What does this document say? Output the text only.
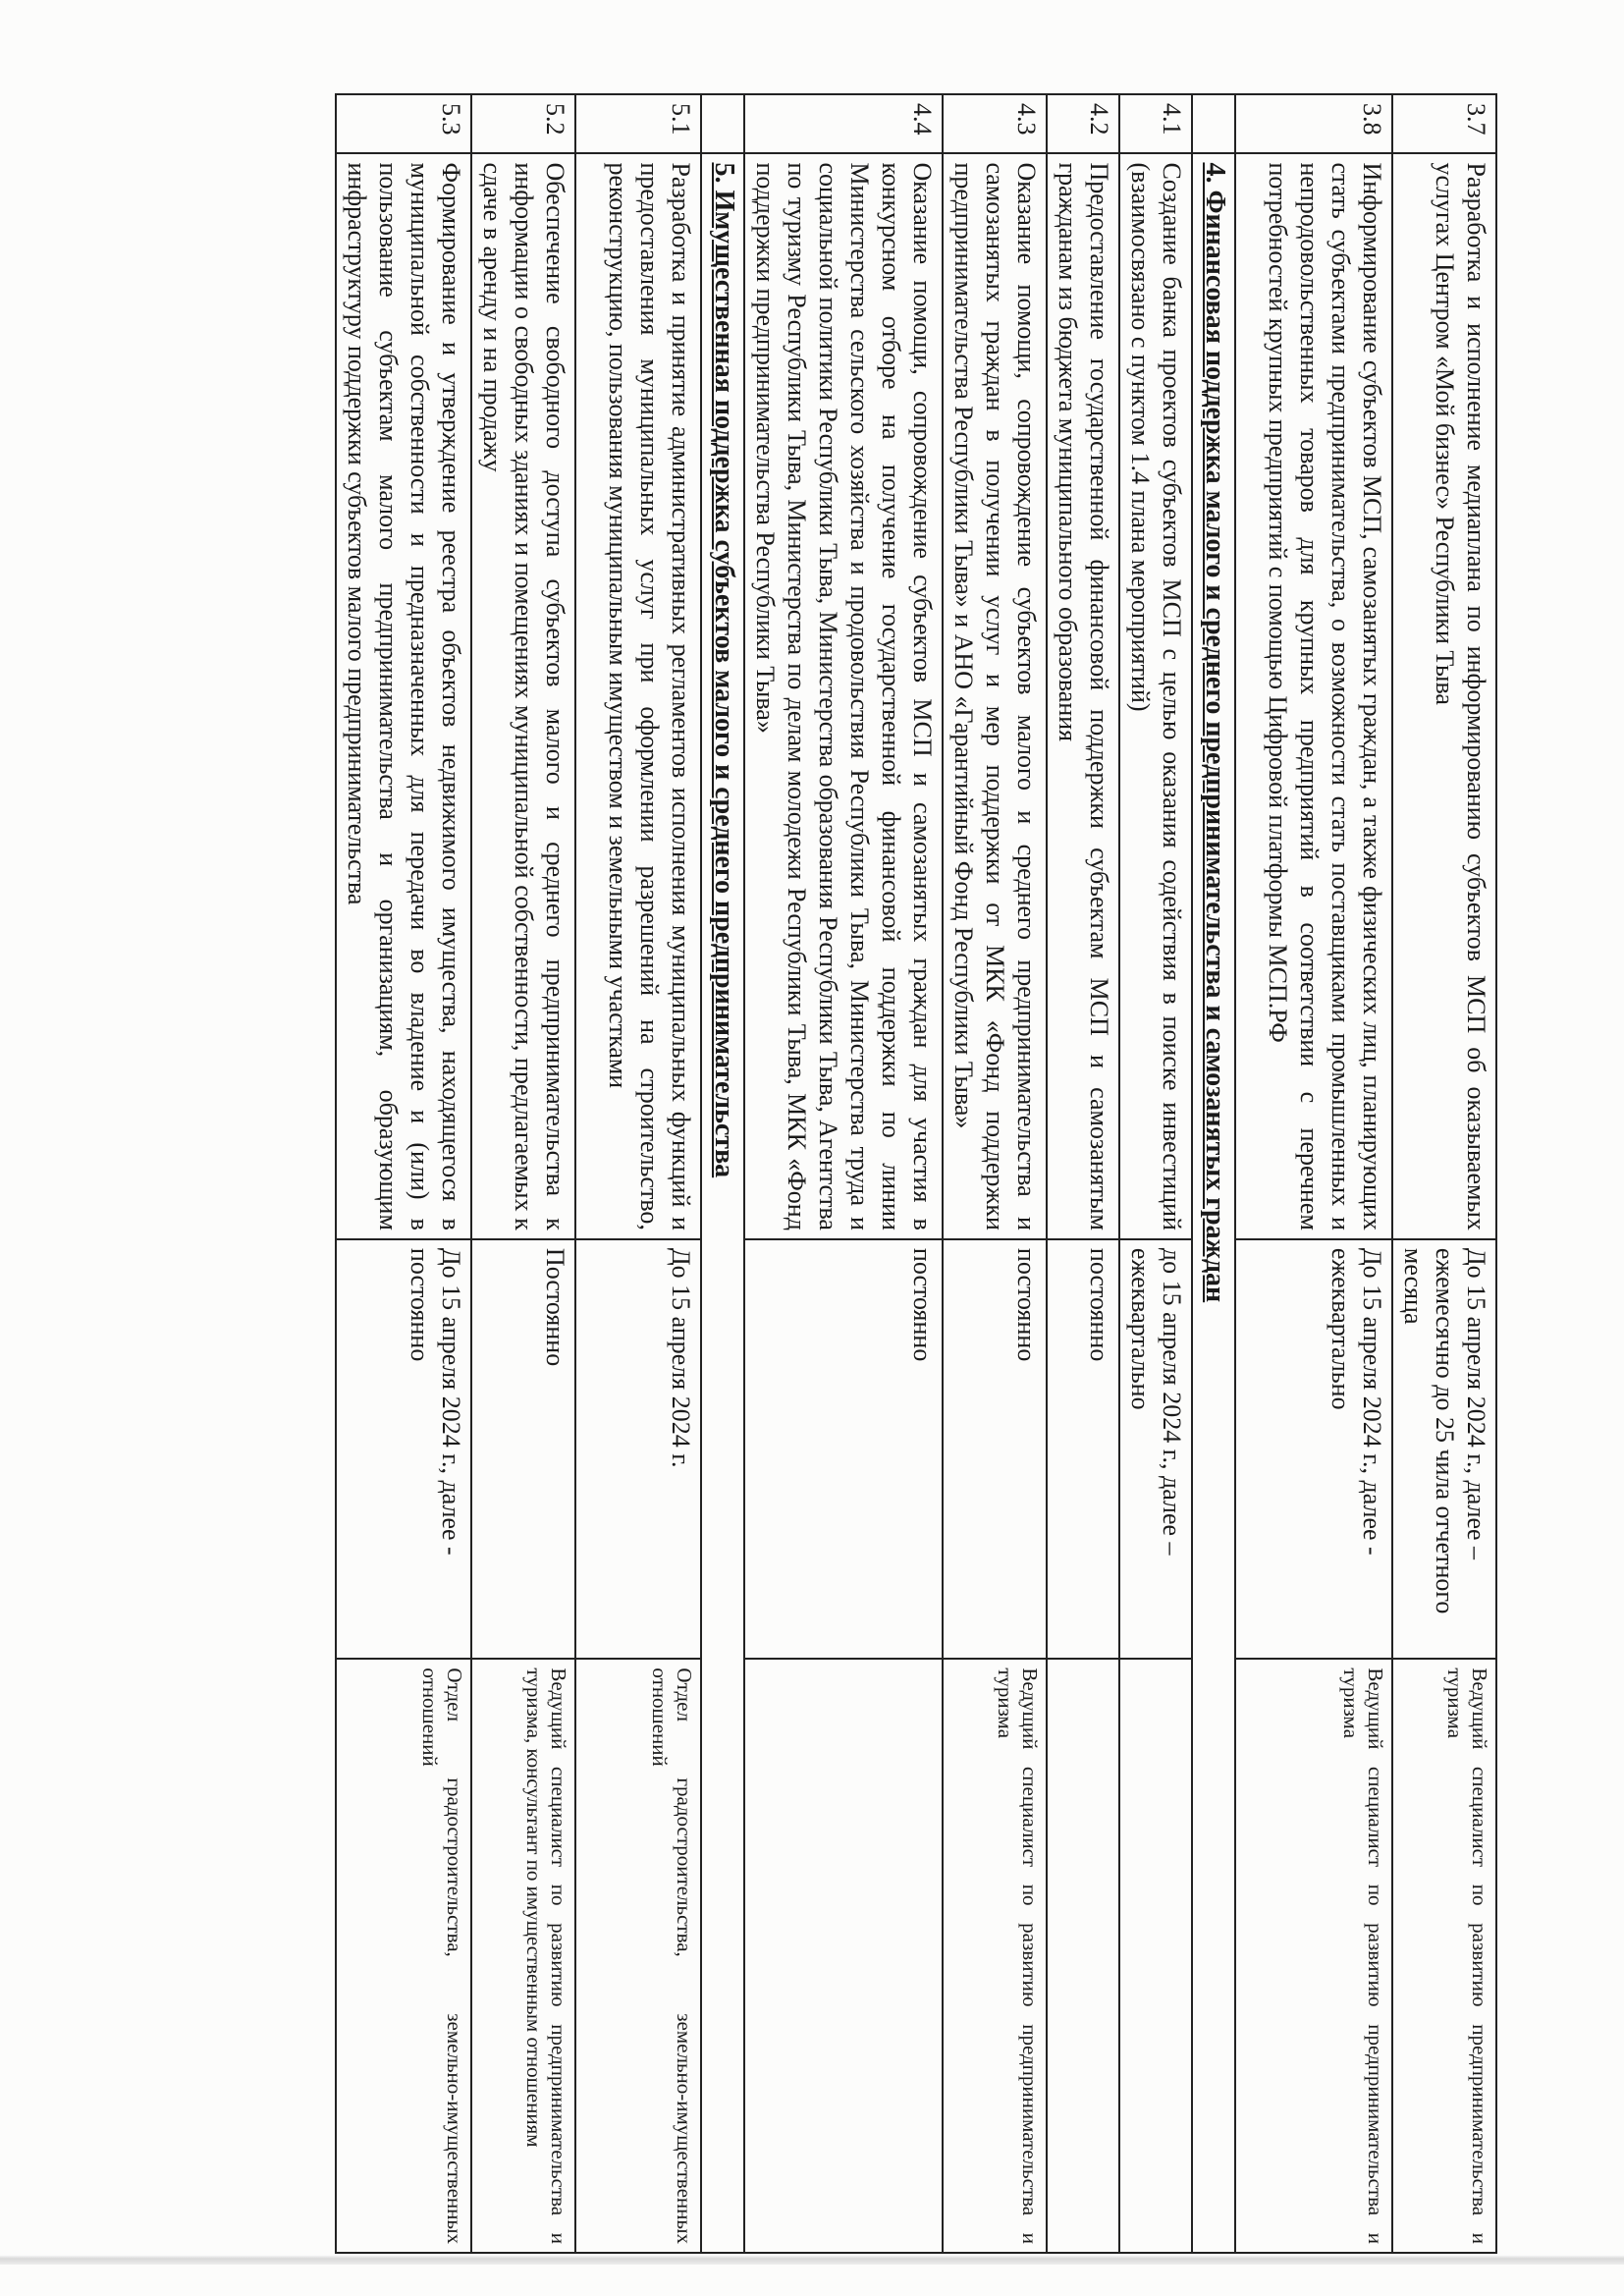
3.7	Разработка и исполнение медиаплана по информированию субъектов МСП об оказываемых услугах Центром «Мой бизнес» Республики Тыва	До 15 апреля 2024 г., далее – ежемесячно до 25 чила отчетного месяца	Ведущий специалист по развитию предпринимательства и туризма
3.8	Информирование субъектов МСП, самозанятых граждан, а также физических лиц, планирующих стать субъектами предпринимательства, о возможности стать поставщиками промышленных и непродовольственных товаров для крупных предприятий в соответствии с перечнем потребностей крупных предприятий с помощью Цифровой платформы МСП.РФ	До 15 апреля 2024 г., далее - ежеквартально	Ведущий специалист по развитию предпринимательства и туризма
	4. Финансовая поддержка малого и среднего предпринимательства и самозанятых граждан		
4.1	Создание банка проектов субъектов МСП с целью оказания содействия в поиске инвестиций (взаимосвязано с пунктом 1.4 плана мероприятий)	до 15 апреля 2024 г., далее – ежеквартально	
4.2	Предоставление государственной финансовой поддержки субъектам МСП и самозанятым гражданам из бюджета муниципального образования	постоянно	
4.3	Оказание помощи, сопровождение субъектов малого и среднего предпринимательства и самозанятых граждан в получении услуг и мер поддержки от МКК «Фонд поддержки предпринимательства Республики Тыва» и АНО «Гарантийный Фонд Республики Тыва»	постоянно	Ведущий специалист по развитию предпринимательства и туризма
4.4	Оказание помощи, сопровождение субъектов МСП и самозанятых граждан для участия в конкурсном отборе на получение государственной финансовой поддержки по линии Министерства сельского хозяйства и продовольствия Республики Тыва, Министерства труда и социальной политики Республики Тыва, Министерства образования Республики Тыва, Агентства по туризму Республики Тыва, Министерства по делам молодежи Республики Тыва, МКК «Фонд поддержки предпринимательства Республики Тыва»	постоянно	
	5. Имущественная поддержка субъектов малого и среднего предпринимательства		
5.1	Разработка и принятие административных регламентов исполнения муниципальных функций и предоставления муниципальных услуг при оформлении разрешений на строительство, реконструкцию, пользования муниципальным имуществом и земельными участками	До 15 апреля 2024 г.	Отдел градостроительства, земельно-имущественных отношений
5.2	Обеспечение свободного доступа субъектов малого и среднего предпринимательства к информации о свободных зданиях и помещениях муниципальной собственности, предлагаемых к сдаче в аренду и на продажу	Постоянно	Ведущий специалист по развитию предпринимательства и туризма, консультант по имущественным отношениям
5.3	Формирование и утверждение реестра объектов недвижимого имущества, находящегося в муниципальной собственности и предназначенных для передачи во владение и (или) в пользование субъектам малого предпринимательства и организациям, образующим инфраструктуру поддержки субъектов малого предпринимательства	До 15 апреля 2024 г., далее - постоянно	Отдел градостроительства, земельно-имущественных отношений
